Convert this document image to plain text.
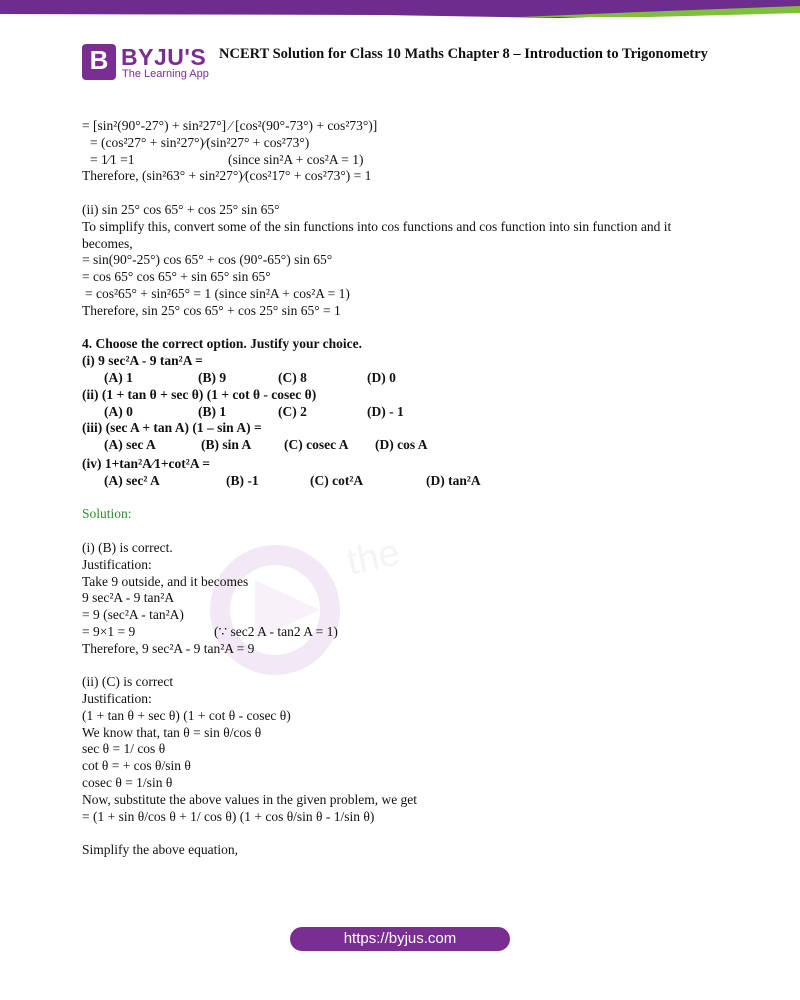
B BYJU'S
The Learning App
NCERT Solution for Class 10 Maths Chapter 8 – Introduction to Trigonometry
the
= [sin²(90°-27°) + sin²27°] ⁄ [cos²(90°-73°) + cos²73°)]
= (cos²27° + sin²27°)⁄(sin²27° + cos²73°)
= 1⁄1 =1	(since sin²A + cos²A = 1)
Therefore, (sin²63° + sin²27°)⁄(cos²17° + cos²73°) = 1
(ii) sin 25° cos 65° + cos 25° sin 65°
To simplify this, convert some of the sin functions into cos functions and cos function into sin function and it
becomes,
= sin(90°-25°) cos 65° + cos (90°-65°) sin 65°
= cos 65° cos 65° + sin 65° sin 65°
= cos²65° + sin²65° = 1 (since sin²A + cos²A = 1)
Therefore, sin 25° cos 65° + cos 25° sin 65° = 1
4. Choose the correct option. Justify your choice.
(i) 9 sec²A - 9 tan²A =
(A) 1	(B) 9	(C) 8	(D) 0
(ii) (1 + tan θ + sec θ) (1 + cot θ - cosec θ)
(A) 0	(B) 1	(C) 2	(D) - 1
(iii) (sec A + tan A) (1 – sin A) =
(A) sec A	(B) sin A (C) cosec A (D) cos A
(iv) 1+tan²A⁄1+cot²A =
(A) sec² A	(B) -1	(C) cot²A	(D) tan²A
Solution:
(i) (B) is correct.
Justification:
Take 9 outside, and it becomes
9 sec²A - 9 tan²A
= 9 (sec²A - tan²A)
= 9×1 = 9	(∵ sec2 A - tan2 A = 1)
Therefore, 9 sec²A - 9 tan²A = 9
(ii) (C) is correct
Justification:
(1 + tan θ + sec θ) (1 + cot θ - cosec θ)
We know that, tan θ = sin θ/cos θ
sec θ = 1/ cos θ
cot θ = + cos θ/sin θ
cosec θ = 1/sin θ
Now, substitute the above values in the given problem, we get
= (1 + sin θ/cos θ + 1/ cos θ) (1 + cos θ/sin θ - 1/sin θ)
Simplify the above equation,
https://byjus.com
